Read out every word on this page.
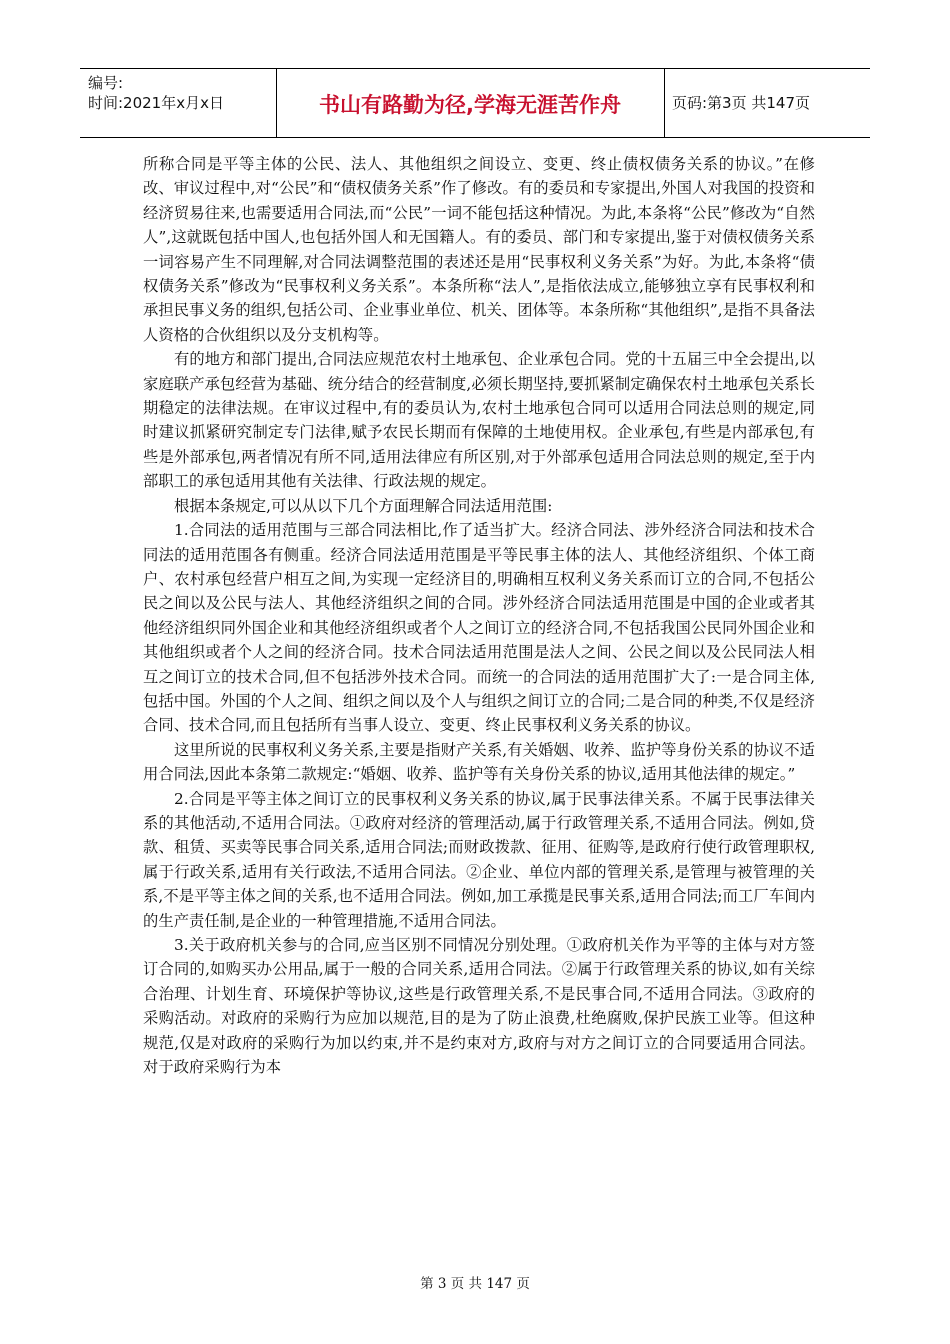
编号:
时间:2021年x月x日	书山有路勤为径,学海无涯苦作舟	页码:第3页 共147页

所称合同是平等主体的公民、法人、其他组织之间设立、变更、终止债权债务关系的协议。”在修改、审议过程中,对“公民”和“债权债务关系”作了修改。有的委员和专家提出,外国人对我国的投资和经济贸易往来,也需要适用合同法,而“公民”一词不能包括这种情况。为此,本条将“公民”修改为“自然人”,这就既包括中国人,也包括外国人和无国籍人。有的委员、部门和专家提出,鉴于对债权债务关系一词容易产生不同理解,对合同法调整范围的表述还是用“民事权利义务关系”为好。为此,本条将“债权债务关系”修改为“民事权利义务关系”。本条所称“法人”,是指依法成立,能够独立享有民事权利和承担民事义务的组织,包括公司、企业事业单位、机关、团体等。本条所称“其他组织”,是指不具备法人资格的合伙组织以及分支机构等。

有的地方和部门提出,合同法应规范农村土地承包、企业承包合同。党的十五届三中全会提出,以家庭联产承包经营为基础、统分结合的经营制度,必须长期坚持,要抓紧制定确保农村土地承包关系长期稳定的法律法规。在审议过程中,有的委员认为,农村土地承包合同可以适用合同法总则的规定,同时建议抓紧研究制定专门法律,赋予农民长期而有保障的土地使用权。企业承包,有些是内部承包,有些是外部承包,两者情况有所不同,适用法律应有所区别,对于外部承包适用合同法总则的规定,至于内部职工的承包适用其他有关法律、行政法规的规定。

根据本条规定,可以从以下几个方面理解合同法适用范围:

1.合同法的适用范围与三部合同法相比,作了适当扩大。经济合同法、涉外经济合同法和技术合同法的适用范围各有侧重。经济合同法适用范围是平等民事主体的法人、其他经济组织、个体工商户、农村承包经营户相互之间,为实现一定经济目的,明确相互权利义务关系而订立的合同,不包括公民之间以及公民与法人、其他经济组织之间的合同。涉外经济合同法适用范围是中国的企业或者其他经济组织同外国企业和其他经济组织或者个人之间订立的经济合同,不包括我国公民同外国企业和其他组织或者个人之间的经济合同。技术合同法适用范围是法人之间、公民之间以及公民同法人相互之间订立的技术合同,但不包括涉外技术合同。而统一的合同法的适用范围扩大了:一是合同主体,包括中国。外国的个人之间、组织之间以及个人与组织之间订立的合同;二是合同的种类,不仅是经济合同、技术合同,而且包括所有当事人设立、变更、终止民事权利义务关系的协议。

这里所说的民事权利义务关系,主要是指财产关系,有关婚姻、收养、监护等身份关系的协议不适用合同法,因此本条第二款规定:“婚姻、收养、监护等有关身份关系的协议,适用其他法律的规定。”

2.合同是平等主体之间订立的民事权利义务关系的协议,属于民事法律关系。不属于民事法律关系的其他活动,不适用合同法。①政府对经济的管理活动,属于行政管理关系,不适用合同法。例如,贷款、租赁、买卖等民事合同关系,适用合同法;而财政拨款、征用、征购等,是政府行使行政管理职权,属于行政关系,适用有关行政法,不适用合同法。②企业、单位内部的管理关系,是管理与被管理的关系,不是平等主体之间的关系,也不适用合同法。例如,加工承揽是民事关系,适用合同法;而工厂车间内的生产责任制,是企业的一种管理措施,不适用合同法。

3.关于政府机关参与的合同,应当区别不同情况分别处理。①政府机关作为平等的主体与对方签订合同的,如购买办公用品,属于一般的合同关系,适用合同法。②属于行政管理关系的协议,如有关综合治理、计划生育、环境保护等协议,这些是行政管理关系,不是民事合同,不适用合同法。③政府的采购活动。对政府的采购行为应加以规范,目的是为了防止浪费,杜绝腐败,保护民族工业等。但这种规范,仅是对政府的采购行为加以约束,并不是约束对方,政府与对方之间订立的合同要适用合同法。对于政府采购行为本

第 3 页 共 147 页
